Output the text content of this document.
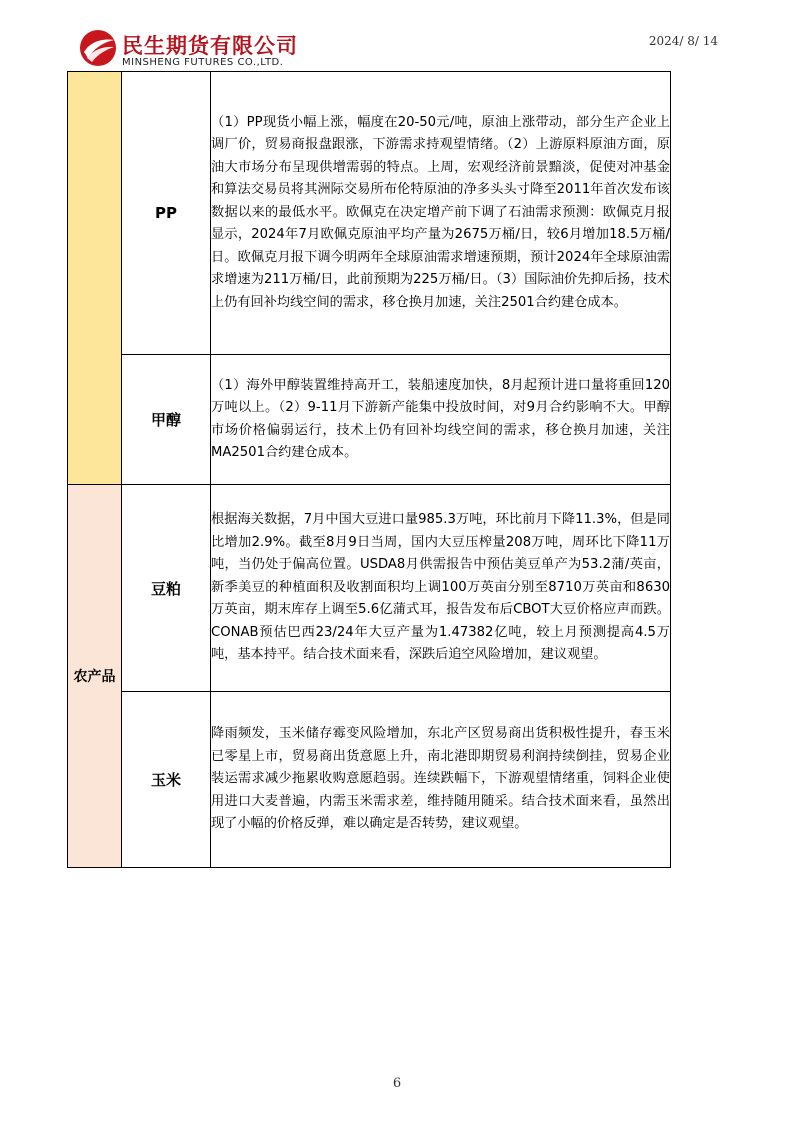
民生期货有限公司
MINSHENG FUTURES CO.,LTD.
2024/ 8/ 14
	PP	（1）PP现货小幅上涨，幅度在20-50元/吨，原油上涨带动，部分生产企业上调厂价，贸易商报盘跟涨，下游需求持观望情绪。（2）上游原料原油方面，原油大市场分布呈现供增需弱的特点。上周，宏观经济前景黯淡，促使对冲基金和算法交易员将其洲际交易所布伦特原油的净多头头寸降至2011年首次发布该数据以来的最低水平。欧佩克在决定增产前下调了石油需求预测：欧佩克月报显示，2024年7月欧佩克原油平均产量为2675万桶/日，较6月增加18.5万桶/日。欧佩克月报下调今明两年全球原油需求增速预期，预计2024年全球原油需求增速为211万桶/日，此前预期为225万桶/日。（3）国际油价先抑后扬，技术上仍有回补均线空间的需求，移仓换月加速，关注2501合约建仓成本。

	甲醇	（1）海外甲醇装置维持高开工，装船速度加快，8月起预计进口量将重回120万吨以上。（2）9-11月下游新产能集中投放时间，对9月合约影响不大。甲醇市场价格偏弱运行，技术上仍有回补均线空间的需求，移仓换月加速，关注MA2501合约建仓成本。

农产品	豆粕	根据海关数据，7月中国大豆进口量985.3万吨，环比前月下降11.3%，但是同比增加2.9%。截至8月9日当周，国内大豆压榨量208万吨，周环比下降11万吨，当仍处于偏高位置。USDA8月供需报告中预估美豆单产为53.2蒲/英亩，新季美豆的种植面积及收割面积均上调100万英亩分别至8710万英亩和8630万英亩，期末库存上调至5.6亿蒲式耳，报告发布后CBOT大豆价格应声而跌。CONAB预估巴西23/24年大豆产量为1.47382亿吨，较上月预测提高4.5万吨，基本持平。结合技术面来看，深跌后追空风险增加，建议观望。

	玉米	降雨频发，玉米储存霉变风险增加，东北产区贸易商出货积极性提升，春玉米已零星上市，贸易商出货意愿上升，南北港即期贸易利润持续倒挂，贸易企业装运需求减少拖累收购意愿趋弱。连续跌幅下，下游观望情绪重，饲料企业使用进口大麦普遍，内需玉米需求差，维持随用随采。结合技术面来看，虽然出现了小幅的价格反弹，难以确定是否转势，建议观望。

6
